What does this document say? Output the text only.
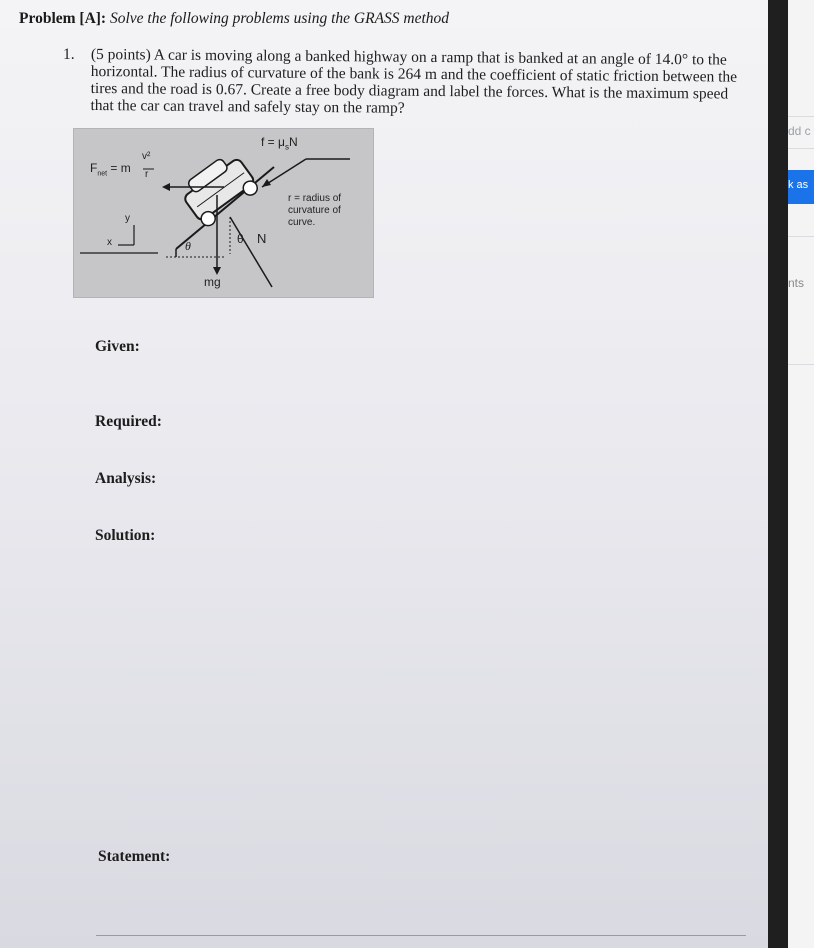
Problem [A]: Solve the following problems using the GRASS method
1. (5 points) A car is moving along a banked highway on a ramp that is banked at an angle of 14.0° to the horizontal. The radius of curvature of the bank is 264 m and the coefficient of static friction between the tires and the road is 0.67. Create a free body diagram and label the forces. What is the maximum speed that the car can travel and safely stay on the ramp?
$f = \mu_sN$
$F_{net} = m$
v²
r
y
x
r = radius of curvature of curve.
θ	θ N
mg
Given:
Required:
Analysis:
Solution:
Statement:
dd c
k as
nts
